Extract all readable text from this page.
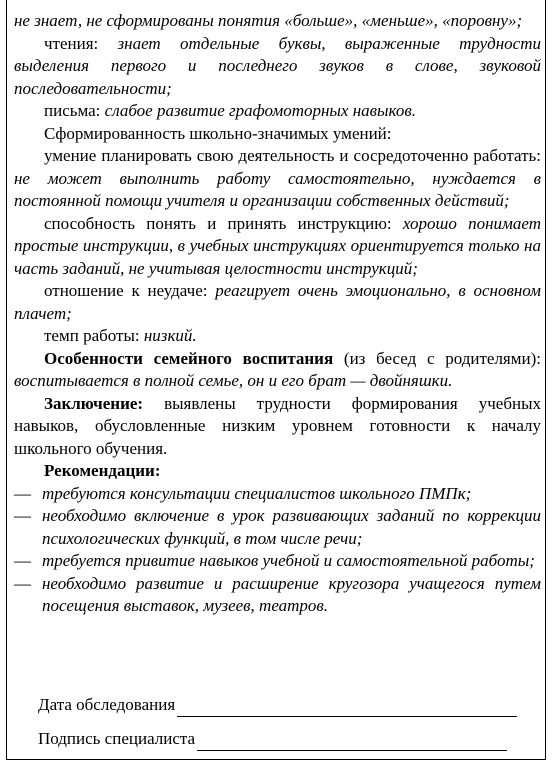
не знает, не сформированы понятия «больше», «меньше», «поровну»;

чтения: знает отдельные буквы, выраженные трудности выделения первого и последнего звуков в слове, звуковой последовательности;

письма: слабое развитие графомоторных навыков.

Сформированность школьно-значимых умений:

умение планировать свою деятельность и сосредоточенно работать: не может выполнить работу самостоятельно, нуждается в постоянной помощи учителя и организации собственных действий;

способность понять и принять инструкцию: хорошо понимает простые инструкции, в учебных инструкциях ориентируется только на часть заданий, не учитывая целостности инструкций;

отношение к неудаче: реагирует очень эмоционально, в основном плачет;

темп работы: низкий.

Особенности семейного воспитания (из бесед с родителями): воспитывается в полной семье, он и его брат — двойняшки.

Заключение: выявлены трудности формирования учебных навыков, обусловленные низким уровнем готовности к началу школьного обучения.

Рекомендации:

— требуются консультации специалистов школьного ПМПк;
— необходимо включение в урок развивающих заданий по коррекции психологических функций, в том числе речи;
— требуется привитие навыков учебной и самостоятельной работы;
— необходимо развитие и расширение кругозора учащегося путем посещения выставок, музеев, театров.
Дата обследования
Подпись специалиста
